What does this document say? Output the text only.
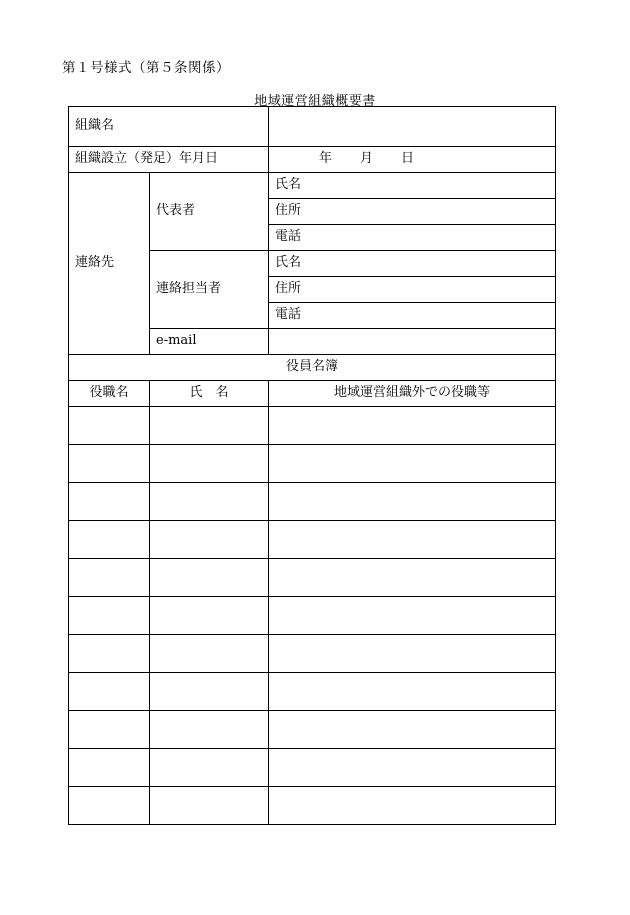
第１号様式（第５条関係）
地域運営組織概要書
組織名		
組織設立（発足）年月日		年 月 日

連絡先	代表者	氏名
		住所
		電話
	連絡担当者	氏名
		住所
		電話
	e-mail	
役員名簿		
役職名	氏　名	地域運営組織外での役職等
